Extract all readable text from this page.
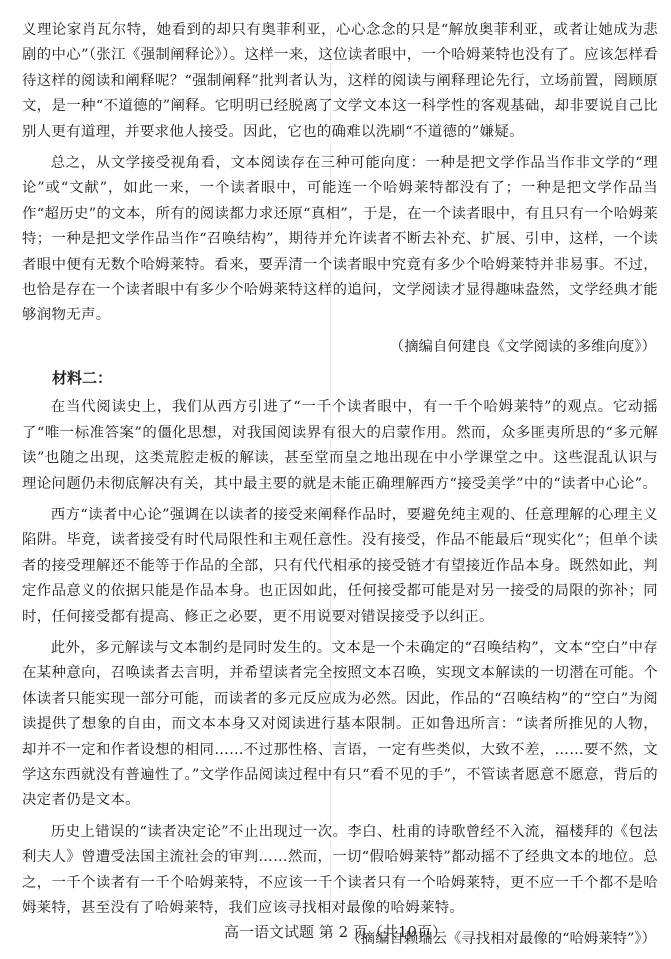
义理论家肖瓦尔特，她看到的却只有奥菲利亚，心心念念的只是“解放奥菲利亚，或者让她成为悲剧的中心”（张江《强制阐释论》）。这样一来，这位读者眼中，一个哈姆莱特也没有了。应该怎样看待这样的阅读和阐释呢？“强制阐释”批判者认为，这样的阅读与阐释理论先行，立场前置，罔顾原文，是一种“不道德的”阐释。它明明已经脱离了文学文本这一科学性的客观基础，却非要说自己比别人更有道理，并要求他人接受。因此，它也的确难以洗刷“不道德的”嫌疑。

总之，从文学接受视角看，文本阅读存在三种可能向度：一种是把文学作品当作非文学的“理论”或“文献”，如此一来，一个读者眼中，可能连一个哈姆莱特都没有了；一种是把文学作品当作“超历史”的文本，所有的阅读都力求还原“真相”，于是，在一个读者眼中，有且只有一个哈姆莱特；一种是把文学作品当作“召唤结构”，期待并允许读者不断去补充、扩展、引申，这样，一个读者眼中便有无数个哈姆莱特。看来，要弄清一个读者眼中究竟有多少个哈姆莱特并非易事。不过，也恰是存在一个读者眼中有多少个哈姆莱特这样的追问，文学阅读才显得趣味盎然，文学经典才能够润物无声。

（摘编自何建良《文学阅读的多维向度》）

材料二：

在当代阅读史上，我们从西方引进了“一千个读者眼中，有一千个哈姆莱特”的观点。它动摇了“唯一标准答案”的僵化思想，对我国阅读界有很大的启蒙作用。然而，众多匪夷所思的“多元解读”也随之出现，这类荒腔走板的解读，甚至堂而皇之地出现在中小学课堂之中。这些混乱认识与理论问题仍未彻底解决有关，其中最主要的就是未能正确理解西方“接受美学”中的“读者中心论”。

西方“读者中心论”强调在以读者的接受来阐释作品时，要避免纯主观的、任意理解的心理主义陷阱。毕竟，读者接受有时代局限性和主观任意性。没有接受，作品不能最后“现实化”；但单个读者的接受理解还不能等于作品的全部，只有代代相承的接受链才有望接近作品本身。既然如此，判定作品意义的依据只能是作品本身。也正因如此，任何接受都可能是对另一接受的局限的弥补；同时，任何接受都有提高、修正之必要，更不用说要对错误接受予以纠正。

此外，多元解读与文本制约是同时发生的。文本是一个未确定的“召唤结构”，文本“空白”中存在某种意向，召唤读者去言明，并希望读者完全按照文本召唤，实现文本解读的一切潜在可能。个体读者只能实现一部分可能，而读者的多元反应成为必然。因此，作品的“召唤结构”的“空白”为阅读提供了想象的自由，而文本本身又对阅读进行基本限制。正如鲁迅所言：“读者所推见的人物，却并不一定和作者设想的相同……不过那性格、言语，一定有些类似，大致不差，……要不然，文学这东西就没有普遍性了。”文学作品阅读过程中有只“看不见的手”，不管读者愿意不愿意，背后的决定者仍是文本。

历史上错误的“读者决定论”不止出现过一次。李白、杜甫的诗歌曾经不入流，福楼拜的《包法利夫人》曾遭受法国主流社会的审判……然而，一切“假哈姆莱特”都动摇不了经典文本的地位。总之，一千个读者有一千个哈姆莱特，不应该一千个读者只有一个哈姆莱特，更不应一千个都不是哈姆莱特，甚至没有了哈姆莱特，我们应该寻找相对最像的哈姆莱特。

（摘编自赖瑞云《寻找相对最像的“哈姆莱特”》）

高一语文试题 第 2 页（共10页）
